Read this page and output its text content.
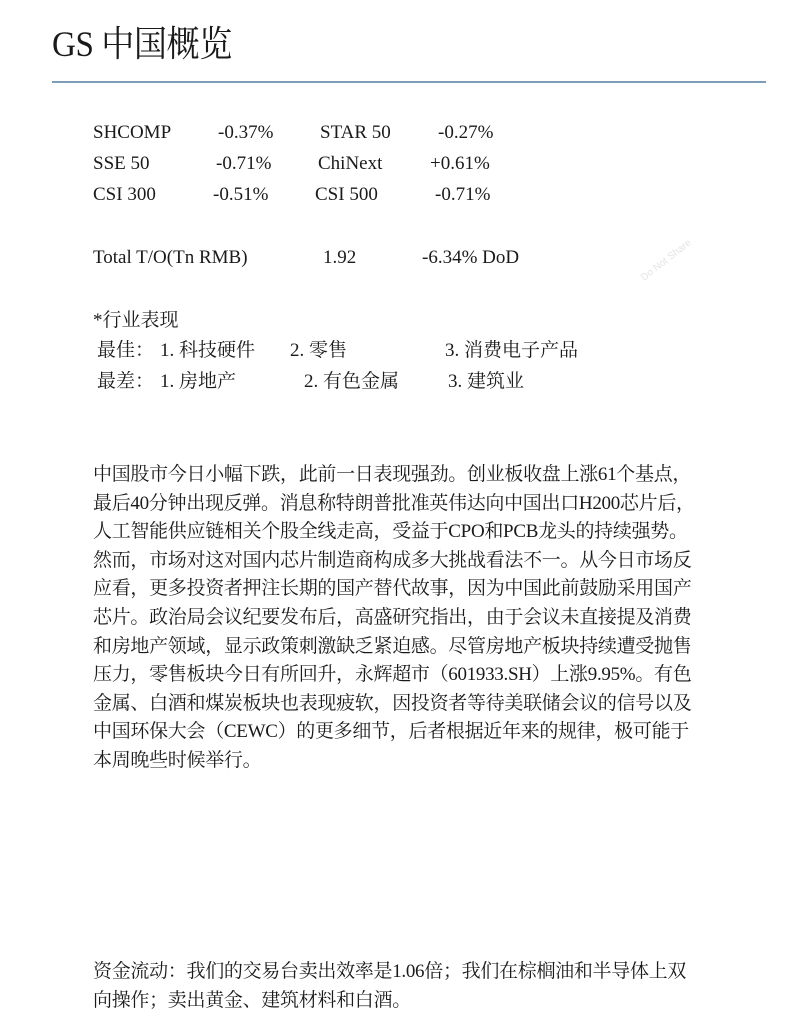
GS 中国概览
SHCOMP -0.37% STAR 50 -0.27%
SSE 50	-0.71% ChiNext	+0.61%
CSI 300	-0.51% CSI 500	-0.71%
Total T/O(Tn RMB)	1.92	-6.34% DoD
*行业表现
最佳： 1. 科技硬件 2. 零售	3. 消费电子产品
最差： 1. 房地产	2. 有色金属	3. 建筑业
中国股市今日小幅下跌，此前一日表现强劲。创业板收盘上涨61个基点，
最后40分钟出现反弹。消息称特朗普批准英伟达向中国出口H200芯片后，
人工智能供应链相关个股全线走高，受益于CPO和PCB龙头的持续强势。
然而，市场对这对国内芯片制造商构成多大挑战看法不一。从今日市场反
应看，更多投资者押注长期的国产替代故事，因为中国此前鼓励采用国产
芯片。政治局会议纪要发布后，高盛研究指出，由于会议未直接提及消费
和房地产领域，显示政策刺激缺乏紧迫感。尽管房地产板块持续遭受抛售
压力，零售板块今日有所回升，永辉超市（601933.SH）上涨9.95%。有色
金属、白酒和煤炭板块也表现疲软，因投资者等待美联储会议的信号以及
中国环保大会（CEWC）的更多细节，后者根据近年来的规律，极可能于
本周晚些时候举行。
资金流动：我们的交易台卖出效率是1.06倍；我们在棕榈油和半导体上双
向操作；卖出黄金、建筑材料和白酒。
Do Not Share
